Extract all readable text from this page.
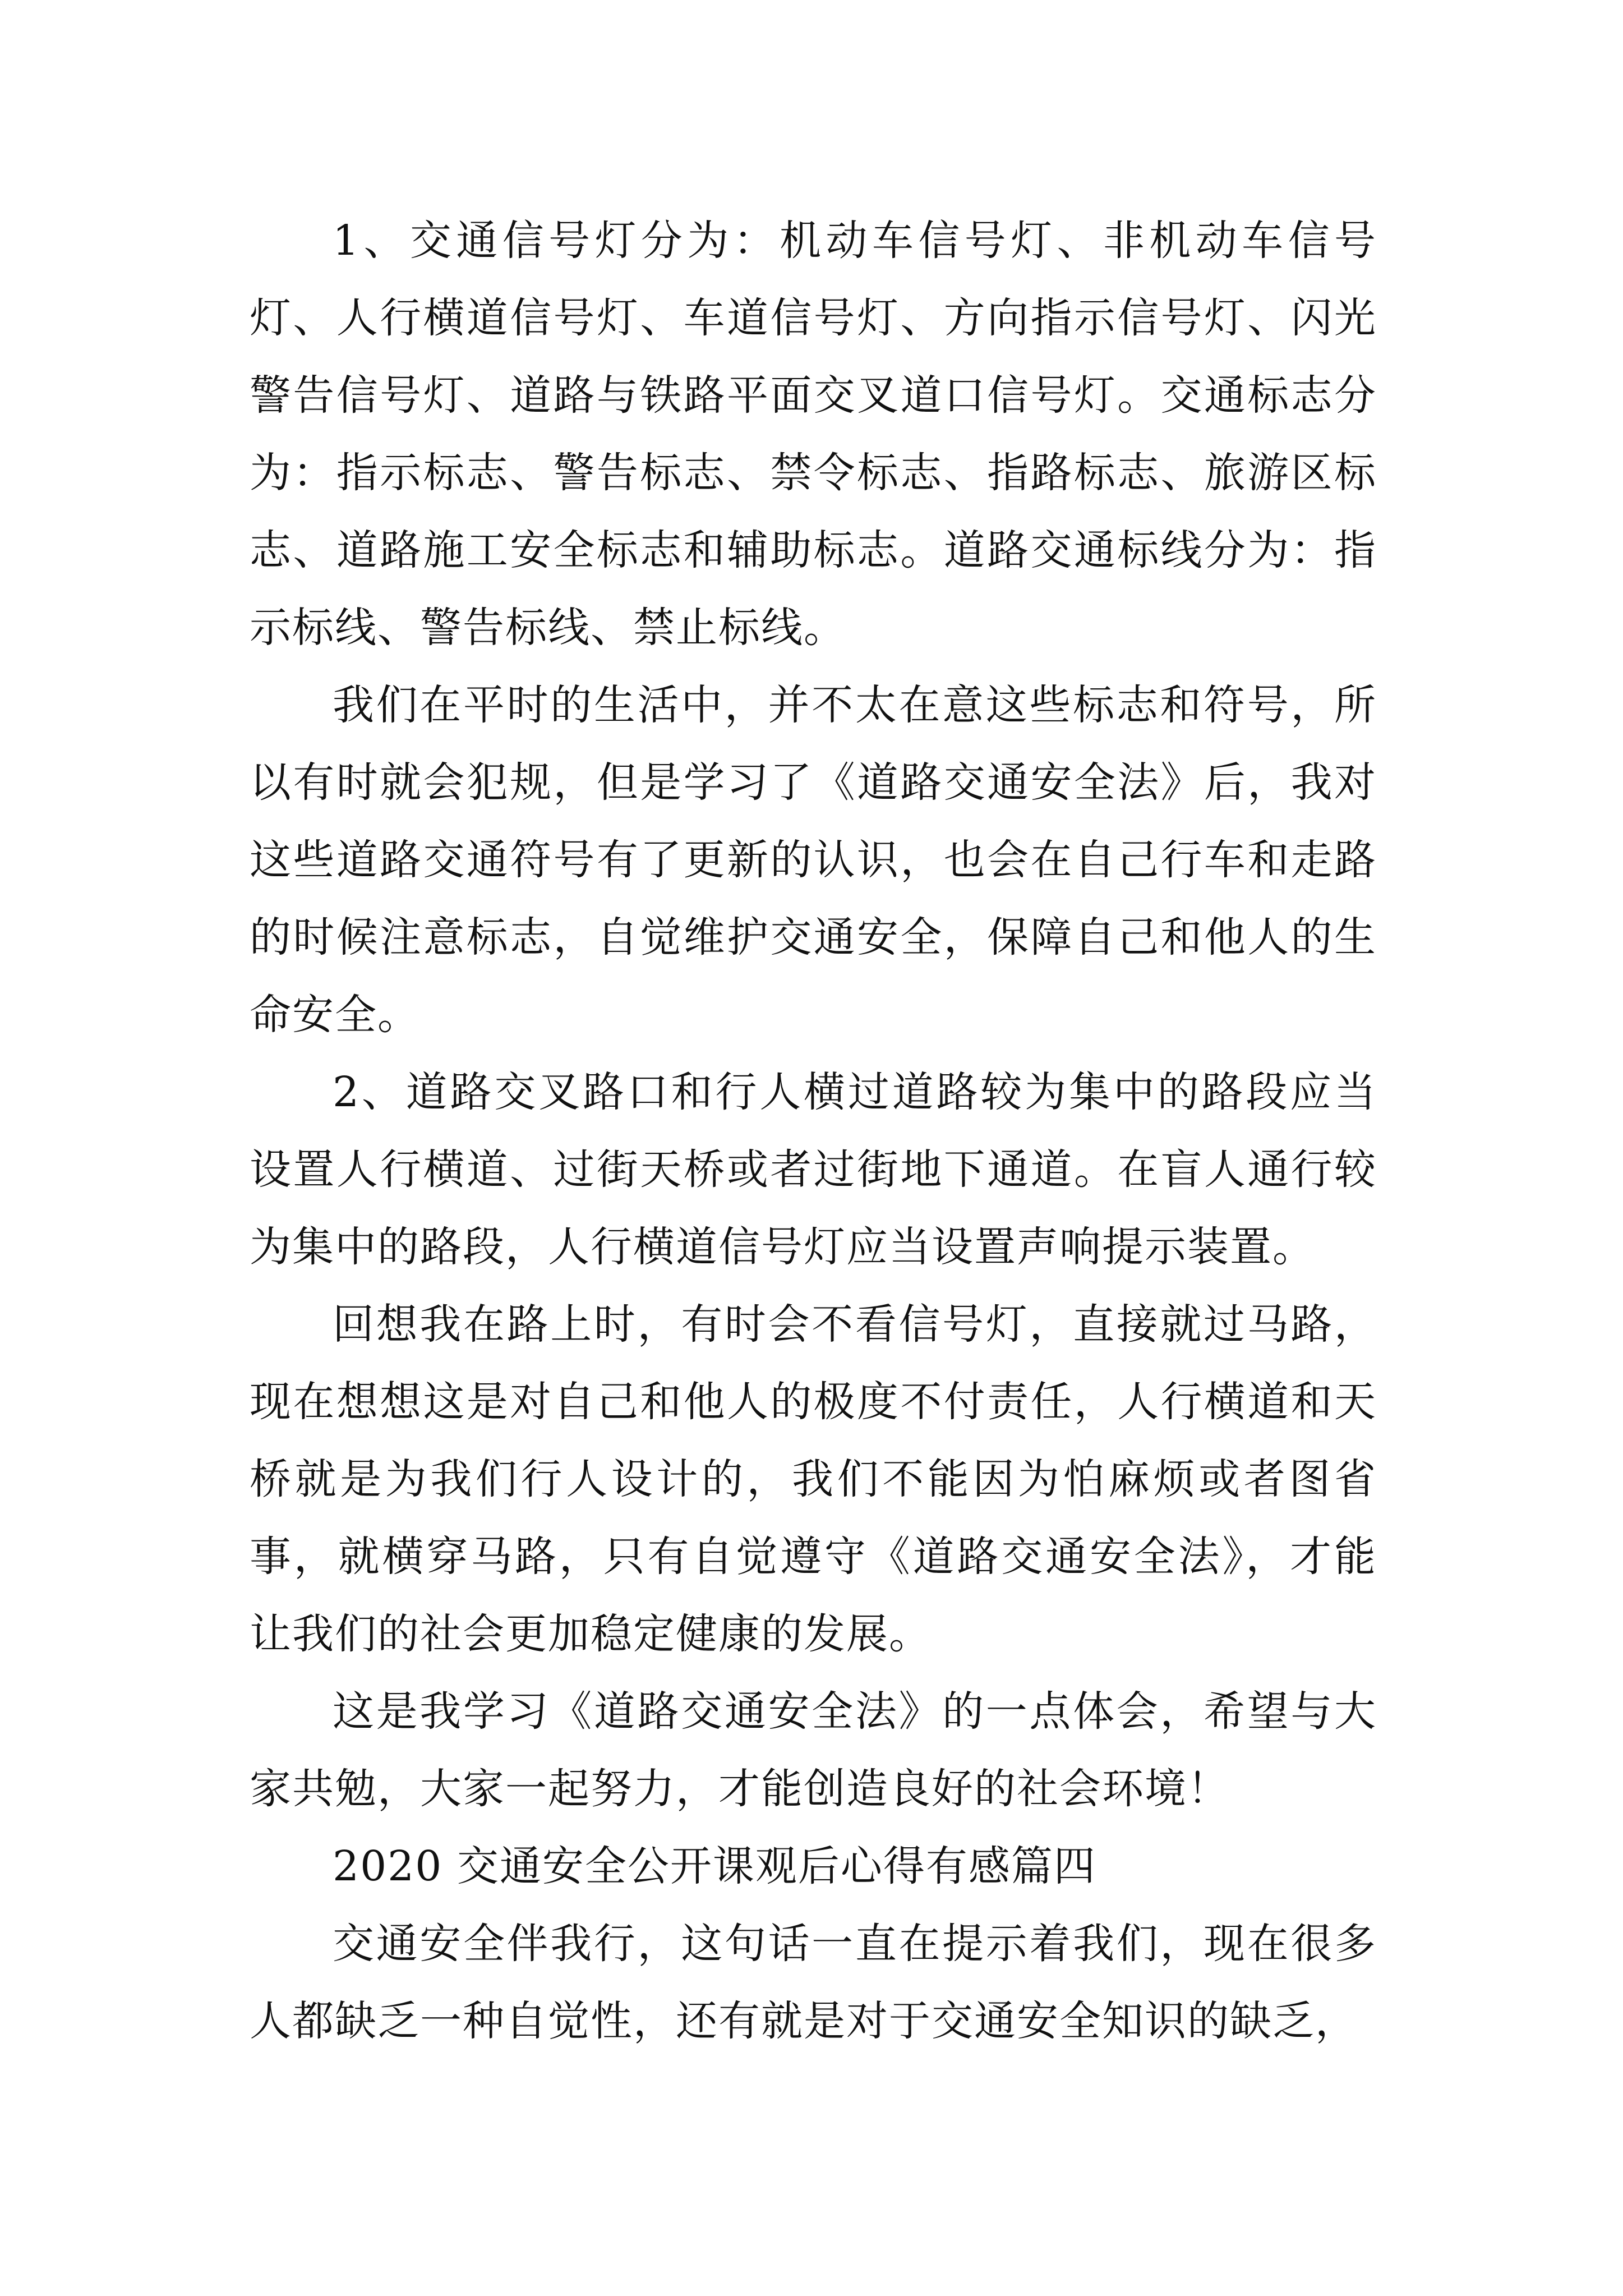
1、交通信号灯分为：机动车信号灯、非机动车信号灯、人行横道信号灯、车道信号灯、方向指示信号灯、闪光警告信号灯、道路与铁路平面交叉道口信号灯。交通标志分为：指示标志、警告标志、禁令标志、指路标志、旅游区标志、道路施工安全标志和辅助标志。道路交通标线分为：指示标线、警告标线、禁止标线。

我们在平时的生活中，并不太在意这些标志和符号，所以有时就会犯规，但是学习了《道路交通安全法》后，我对这些道路交通符号有了更新的认识，也会在自己行车和走路的时候注意标志，自觉维护交通安全，保障自己和他人的生命安全。

2、道路交叉路口和行人横过道路较为集中的路段应当设置人行横道、过街天桥或者过街地下通道。在盲人通行较为集中的路段，人行横道信号灯应当设置声响提示装置。

回想我在路上时，有时会不看信号灯，直接就过马路，现在想想这是对自己和他人的极度不付责任，人行横道和天桥就是为我们行人设计的，我们不能因为怕麻烦或者图省事，就横穿马路，只有自觉遵守《道路交通安全法》，才能让我们的社会更加稳定健康的发展。

这是我学习《道路交通安全法》的一点体会，希望与大家共勉，大家一起努力，才能创造良好的社会环境！

2020 交通安全公开课观后心得有感篇四

交通安全伴我行，这句话一直在提示着我们，现在很多人都缺乏一种自觉性，还有就是对于交通安全知识的缺乏，
